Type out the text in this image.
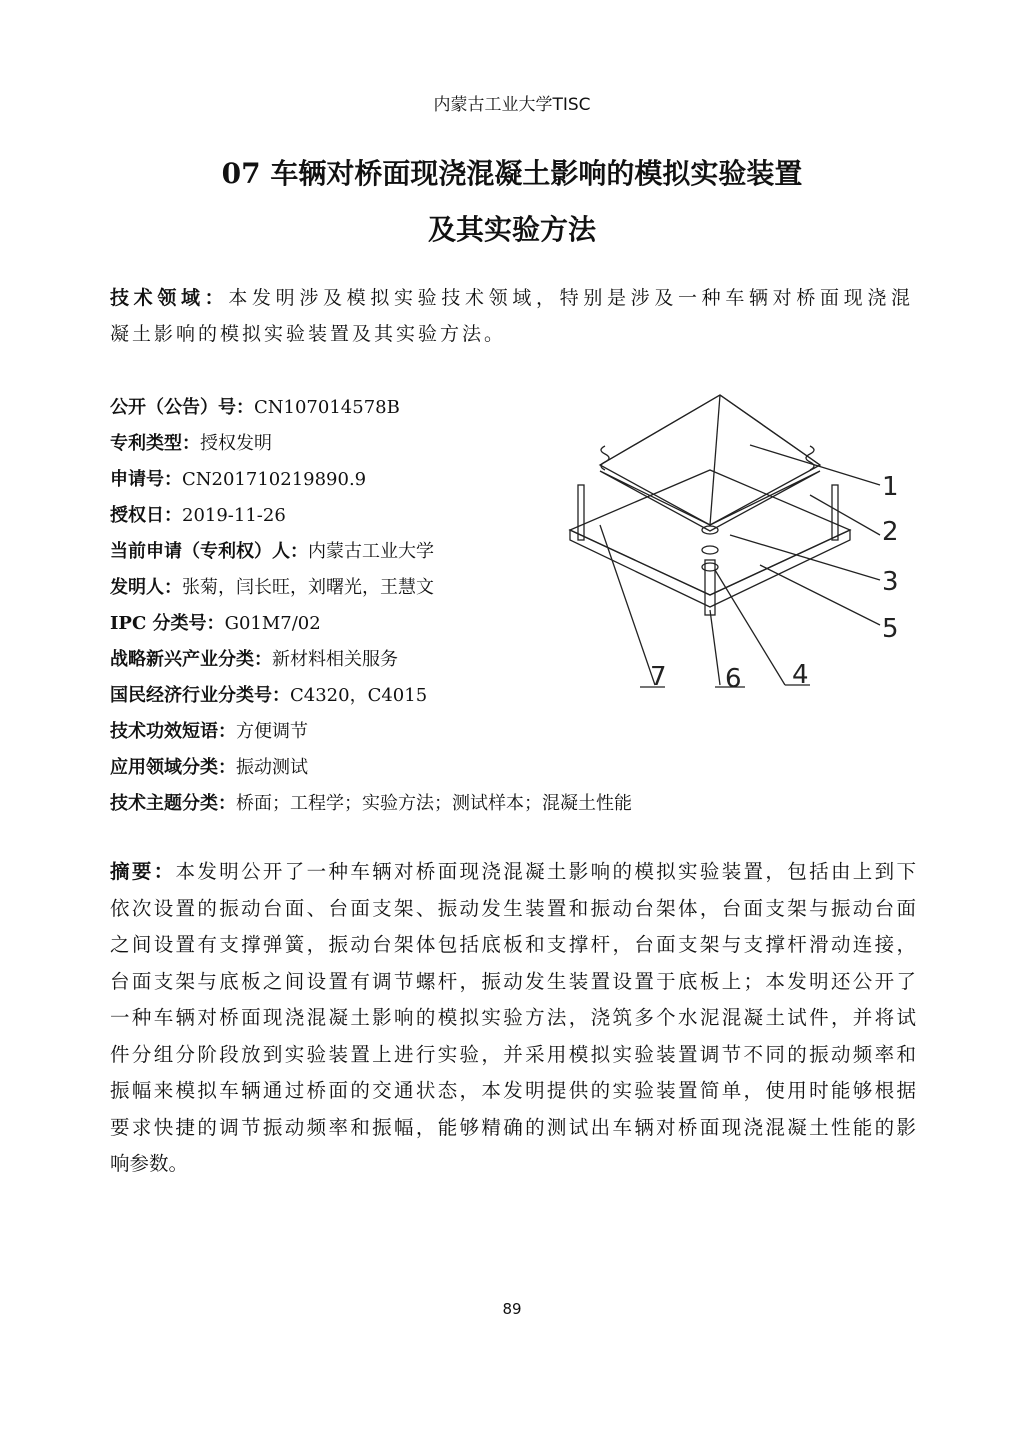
内蒙古工业大学TISC
07 车辆对桥面现浇混凝土影响的模拟实验装置
及其实验方法
技术领域：本发明涉及模拟实验技术领域，特别是涉及一种车辆对桥面现浇混
凝土影响的模拟实验装置及其实验方法。
公开（公告）号：CN107014578B
专利类型：授权发明
申请号：CN201710219890.9
授权日：2019-11-26
当前申请（专利权）人：内蒙古工业大学
发明人：张菊，闫长旺，刘曙光，王慧文
IPC 分类号：G01M7/02
战略新兴产业分类：新材料相关服务
国民经济行业分类号：C4320，C4015
技术功效短语：方便调节
应用领域分类：振动测试
技术主题分类：桥面；工程学；实验方法；测试样本；混凝土性能
1
2
3
5
7 6 4
摘要：本发明公开了一种车辆对桥面现浇混凝土影响的模拟实验装置，包括由上到下
依次设置的振动台面、台面支架、振动发生装置和振动台架体，台面支架与振动台面
之间设置有支撑弹簧，振动台架体包括底板和支撑杆，台面支架与支撑杆滑动连接，
台面支架与底板之间设置有调节螺杆，振动发生装置设置于底板上；本发明还公开了
一种车辆对桥面现浇混凝土影响的模拟实验方法，浇筑多个水泥混凝土试件，并将试
件分组分阶段放到实验装置上进行实验，并采用模拟实验装置调节不同的振动频率和
振幅来模拟车辆通过桥面的交通状态，本发明提供的实验装置简单，使用时能够根据
要求快捷的调节振动频率和振幅，能够精确的测试出车辆对桥面现浇混凝土性能的影
响参数。
89
